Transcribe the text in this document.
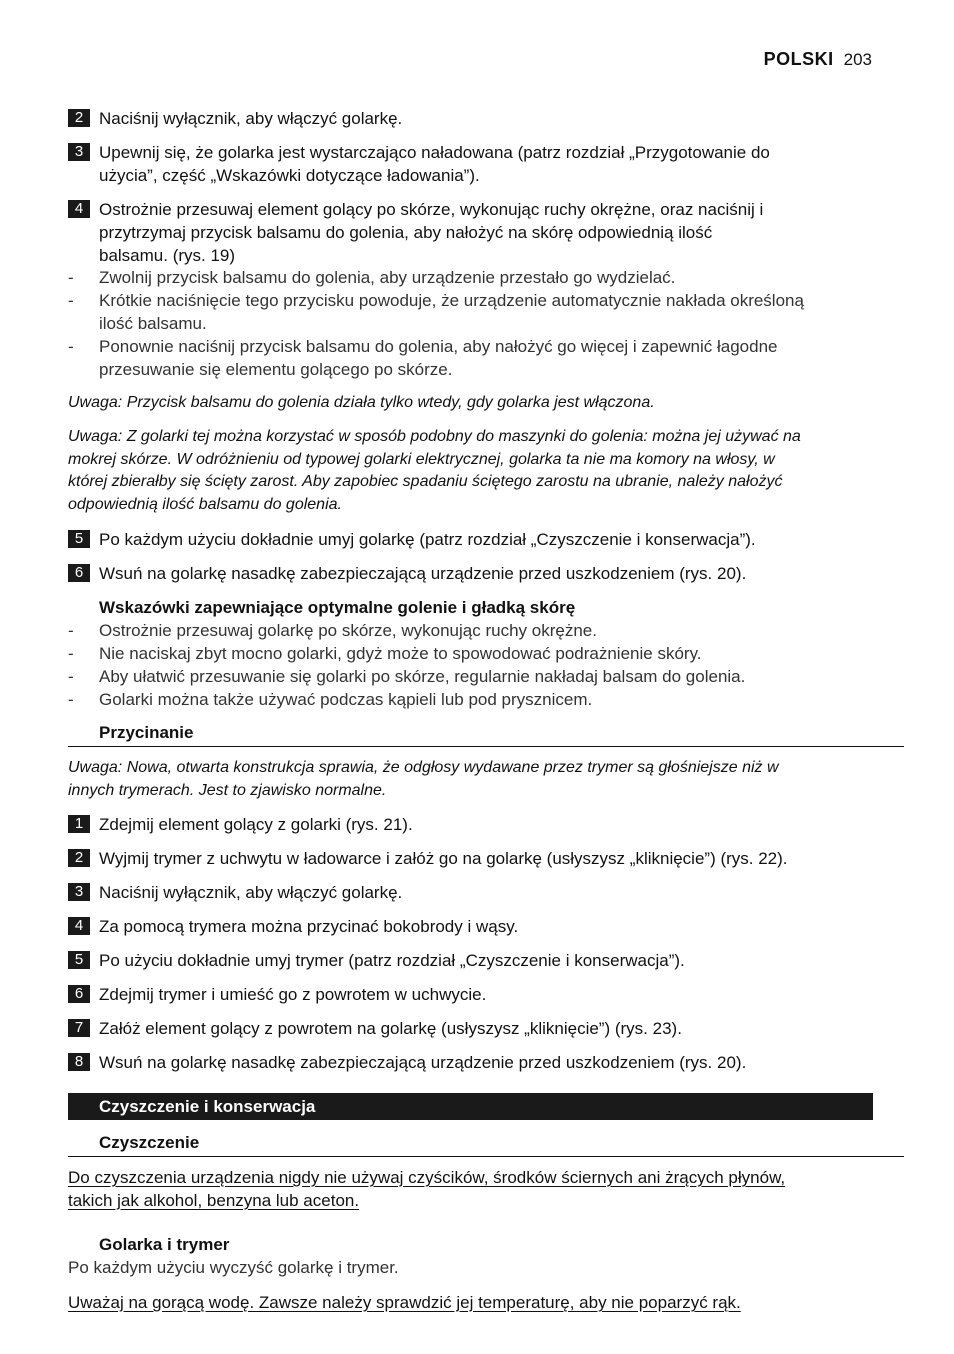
POLSKI 203
2 Naciśnij wyłącznik, aby włączyć golarkę.
3 Upewnij się, że golarka jest wystarczająco naładowana (patrz rozdział „Przygotowanie do
użycia”, część „Wskazówki dotyczące ładowania”).
4 Ostrożnie przesuwaj element golący po skórze, wykonując ruchy okrężne, oraz naciśnij i
przytrzymaj przycisk balsamu do golenia, aby nałożyć na skórę odpowiednią ilość
balsamu. (rys. 19)
- Zwolnij przycisk balsamu do golenia, aby urządzenie przestało go wydzielać.
- Krótkie naciśnięcie tego przycisku powoduje, że urządzenie automatycznie nakłada określoną
ilość balsamu.
- Ponownie naciśnij przycisk balsamu do golenia, aby nałożyć go więcej i zapewnić łagodne
przesuwanie się elementu golącego po skórze.
Uwaga: Przycisk balsamu do golenia działa tylko wtedy, gdy golarka jest włączona.
Uwaga: Z golarki tej można korzystać w sposób podobny do maszynki do golenia: można jej używać na
mokrej skórze. W odróżnieniu od typowej golarki elektrycznej, golarka ta nie ma komory na włosy, w
której zbierałby się ścięty zarost. Aby zapobiec spadaniu ściętego zarostu na ubranie, należy nałożyć
odpowiednią ilość balsamu do golenia.
5 Po każdym użyciu dokładnie umyj golarkę (patrz rozdział „Czyszczenie i konserwacja”).
6 Wsuń na golarkę nasadkę zabezpieczającą urządzenie przed uszkodzeniem (rys. 20).
Wskazówki zapewniające optymalne golenie i gładką skórę
- Ostrożnie przesuwaj golarkę po skórze, wykonując ruchy okrężne.
- Nie naciskaj zbyt mocno golarki, gdyż może to spowodować podrażnienie skóry.
- Aby ułatwić przesuwanie się golarki po skórze, regularnie nakładaj balsam do golenia.
- Golarki można także używać podczas kąpieli lub pod prysznicem.
Przycinanie
Uwaga: Nowa, otwarta konstrukcja sprawia, że odgłosy wydawane przez trymer są głośniejsze niż w
innych trymerach. Jest to zjawisko normalne.
1 Zdejmij element golący z golarki (rys. 21).
2 Wyjmij trymer z uchwytu w ładowarce i załóż go na golarkę (usłyszysz „kliknięcie”) (rys. 22).
3 Naciśnij wyłącznik, aby włączyć golarkę.
4 Za pomocą trymera można przycinać bokobrody i wąsy.
5 Po użyciu dokładnie umyj trymer (patrz rozdział „Czyszczenie i konserwacja”).
6 Zdejmij trymer i umieść go z powrotem w uchwycie.
7 Załóż element golący z powrotem na golarkę (usłyszysz „kliknięcie”) (rys. 23).
8 Wsuń na golarkę nasadkę zabezpieczającą urządzenie przed uszkodzeniem (rys. 20).
Czyszczenie i konserwacja
Czyszczenie
Do czyszczenia urządzenia nigdy nie używaj czyścików, środków ściernych ani żrących płynów,
takich jak alkohol, benzyna lub aceton.
Golarka i trymer
Po każdym użyciu wyczyść golarkę i trymer.
Uważaj na gorącą wodę. Zawsze należy sprawdzić jej temperaturę, aby nie poparzyć rąk.
